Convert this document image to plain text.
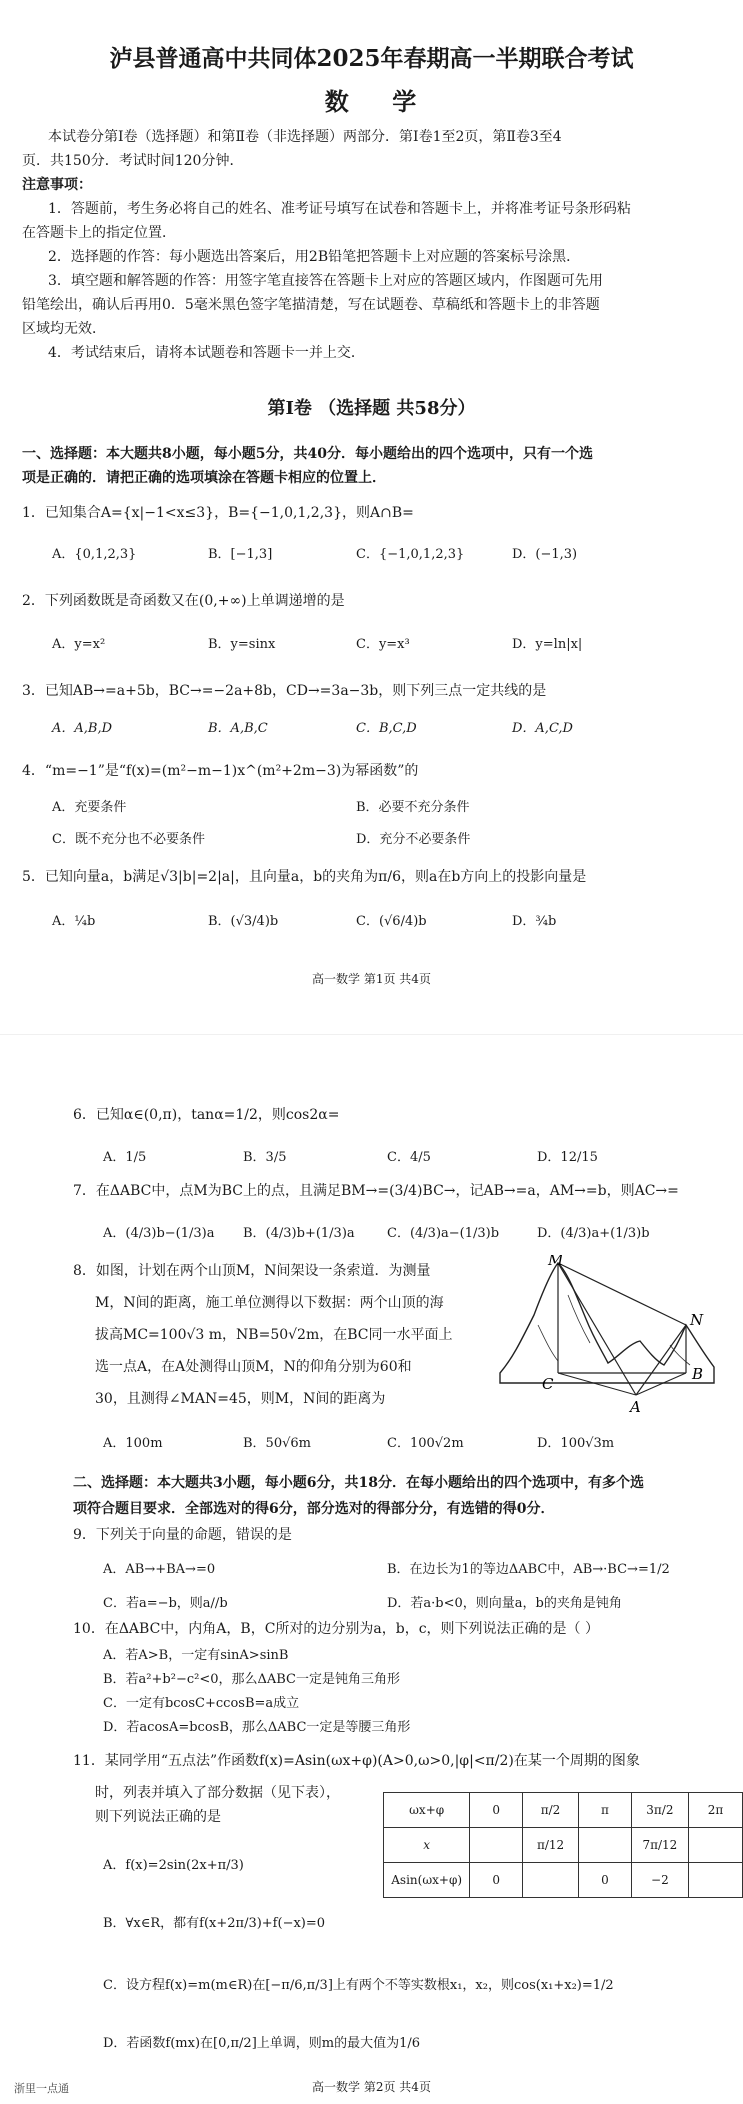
泸县普通高中共同体2025年春期高一半期联合考试
数    学
本试卷分第Ⅰ卷（选择题）和第Ⅱ卷（非选择题）两部分．第Ⅰ卷1至2页，第Ⅱ卷3至4
页．共150分．考试时间120分钟．
注意事项：
1．答题前，考生务必将自己的姓名、准考证号填写在试卷和答题卡上，并将准考证号条形码粘
在答题卡上的指定位置．
2．选择题的作答：每小题选出答案后，用2B铅笔把答题卡上对应题的答案标号涂黑．
3．填空题和解答题的作答：用签字笔直接答在答题卡上对应的答题区域内，作图题可先用
铅笔绘出，确认后再用0．5毫米黑色签字笔描清楚，写在试题卷、草稿纸和答题卡上的非答题
区域均无效．
4．考试结束后，请将本试题卷和答题卡一并上交．
第Ⅰ卷 （选择题 共58分）
一、选择题：本大题共8小题，每小题5分，共40分．每小题给出的四个选项中，只有一个选
项是正确的．请把正确的选项填涂在答题卡相应的位置上．
1．已知集合A={x|−1<x≤3}，B={−1,0,1,2,3}，则A∩B=
A．{0,1,2,3}	B．[−1,3]	C．{−1,0,1,2,3}	D．(−1,3)
2．下列函数既是奇函数又在(0,+∞)上单调递增的是
A．y=x²	B．y=sinx	C．y=x³	D．y=ln|x|
3．已知AB→=a+5b，BC→=−2a+8b，CD→=3a−3b，则下列三点一定共线的是
A．A,B,D	B．A,B,C	C．B,C,D	D．A,C,D
4．“m=−1”是“f(x)=(m²−m−1)x^(m²+2m−3)为幂函数”的
A．充要条件	B．必要不充分条件
C．既不充分也不必要条件	D．充分不必要条件
5．已知向量a，b满足√3|b|=2|a|，且向量a，b的夹角为π/6，则a在b方向上的投影向量是
A．¼b	B．(√3/4)b	C．(√6/4)b	D．¾b
高一数学 第1页 共4页
6．已知α∈(0,π)，tanα=1/2，则cos2α=
A．1/5	B．3/5	C．4/5	D．12/15
7．在ΔABC中，点M为BC上的点，且满足BM→=(3/4)BC→，记AB→=a，AM→=b，则AC→=
A．(4/3)b−(1/3)a B．(4/3)b+(1/3)a C．(4/3)a−(1/3)b	D．(4/3)a+(1/3)b
8．如图，计划在两个山顶M，N间架设一条索道．为测量
M，N间的距离，施工单位测得以下数据：两个山顶的海
拔高MC=100√3 m，NB=50√2m，在BC同一水平面上
选一点A，在A处测得山顶M，N的仰角分别为60和
30，且测得∠MAN=45，则M，N间的距离为
M
N
C
A
B
A．100m	B．50√6m	C．100√2m	D．100√3m
二、选择题：本大题共3小题，每小题6分，共18分．在每小题给出的四个选项中，有多个选
项符合题目要求．全部选对的得6分，部分选对的得部分分，有选错的得0分．
9．下列关于向量的命题，错误的是
A．AB→+BA→=0	B．在边长为1的等边ΔABC中，AB→·BC→=1/2
C．若a=−b，则a//b	D．若a·b<0，则向量a，b的夹角是钝角
10．在ΔABC中，内角A，B，C所对的边分别为a，b，c，则下列说法正确的是（ ）
A．若A>B，一定有sinA>sinB
B．若a²+b²−c²<0，那么ΔABC一定是钝角三角形
C．一定有bcosC+ccosB=a成立
D．若acosA=bcosB，那么ΔABC一定是等腰三角形
11．某同学用“五点法”作函数f(x)=Asin(ωx+φ)(A>0,ω>0,|φ|<π/2)在某一个周期的图象
时，列表并填入了部分数据（见下表），
则下列说法正确的是	ωx+φ	0	π/2	π	3π/2	2π
x		π/12		7π/12	
Asin(ωx+φ)	0		0	−2	
A．f(x)=2sin(2x+π/3)
B．∀x∈R，都有f(x+2π/3)+f(−x)=0
C．设方程f(x)=m(m∈R)在[−π/6,π/3]上有两个不等实数根x₁，x₂，则cos(x₁+x₂)=1/2
D．若函数f(mx)在[0,π/2]上单调，则m的最大值为1/6
浙里一点通	高一数学 第2页 共4页
